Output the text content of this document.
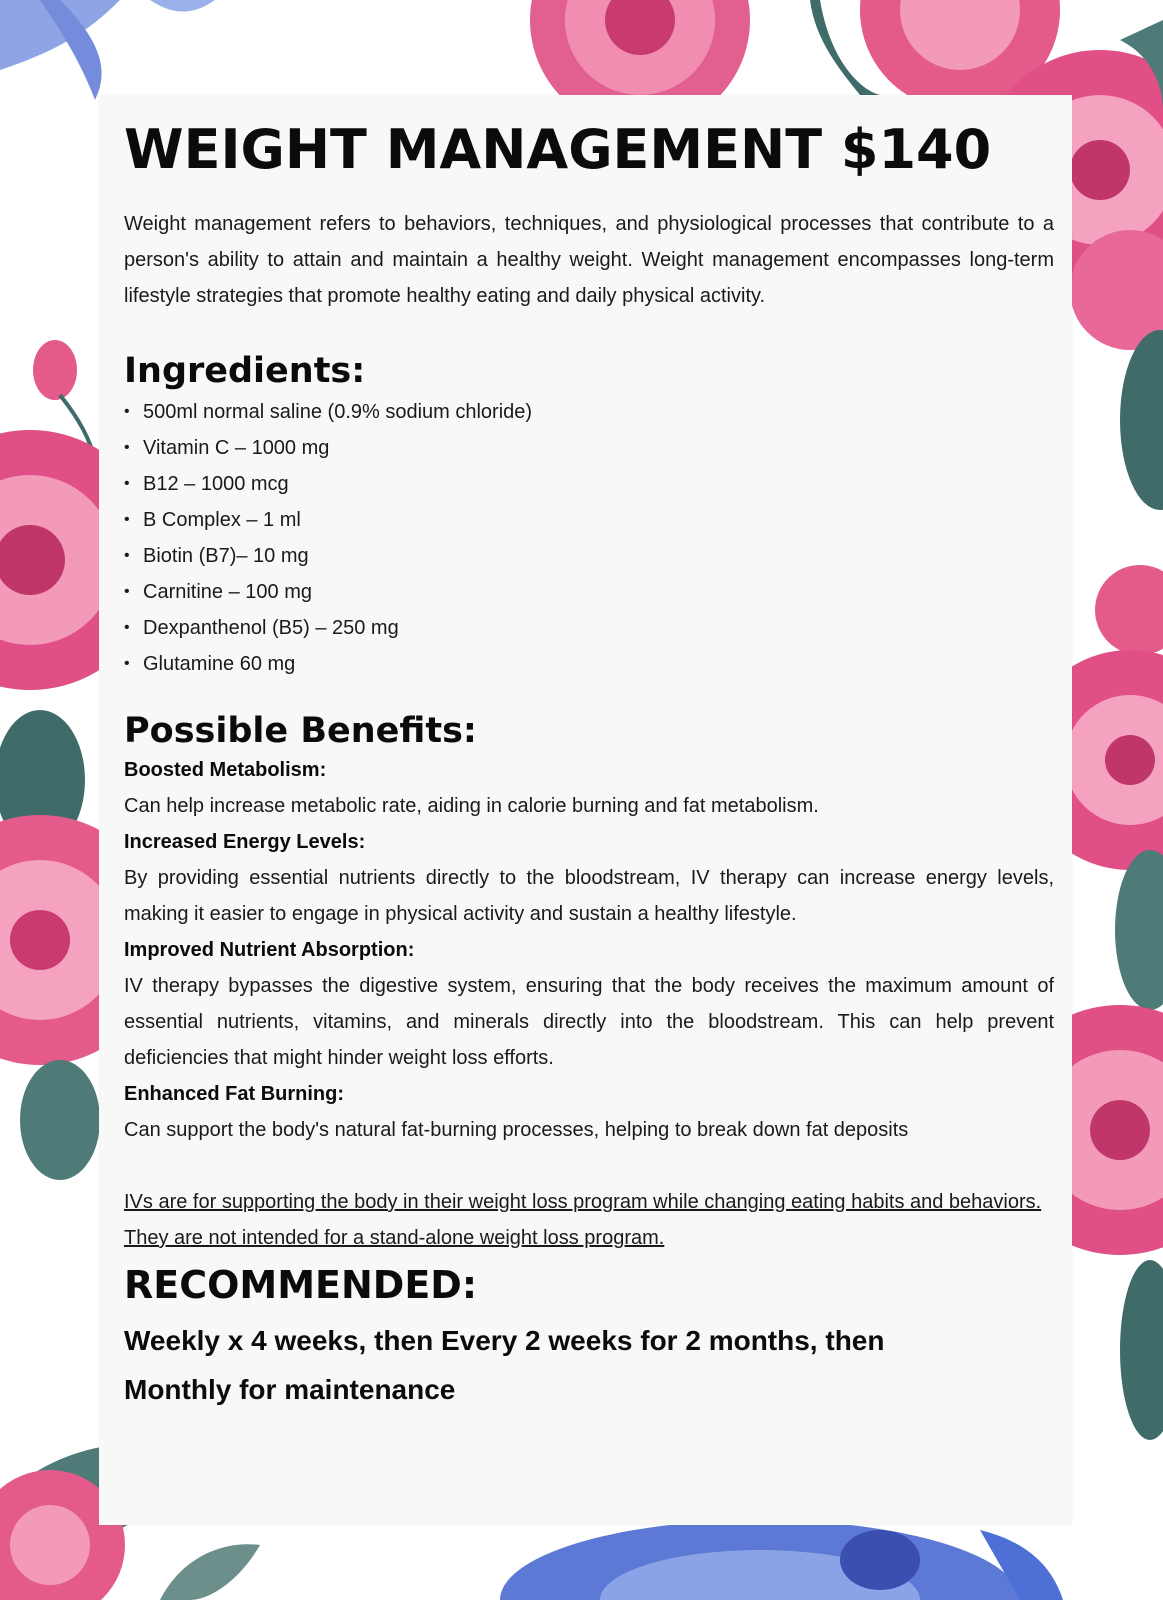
WEIGHT MANAGEMENT $140

Weight management refers to behaviors, techniques, and physiological processes that contribute to a person's ability to attain and maintain a healthy weight. Weight management encompasses long-term lifestyle strategies that promote healthy eating and daily physical activity.

Ingredients:
• 500ml normal saline (0.9% sodium chloride)
• Vitamin C – 1000 mg
• B12 – 1000 mcg
• B Complex – 1 ml
• Biotin (B7)– 10 mg
• Carnitine – 100 mg
• Dexpanthenol (B5) – 250 mg
• Glutamine 60 mg
Possible Benefits:

Boosted Metabolism:

Can help increase metabolic rate, aiding in calorie burning and fat metabolism.

Increased Energy Levels:

By providing essential nutrients directly to the bloodstream, IV therapy can increase energy levels, making it easier to engage in physical activity and sustain a healthy lifestyle.

Improved Nutrient Absorption:

IV therapy bypasses the digestive system, ensuring that the body receives the maximum amount of essential nutrients, vitamins, and minerals directly into the bloodstream. This can help prevent deficiencies that might hinder weight loss efforts.

Enhanced Fat Burning:

Can support the body's natural fat-burning processes, helping to break down fat deposits

IVs are for supporting the body in their weight loss program while changing eating habits and behaviors. They are not intended for a stand-alone weight loss program.

RECOMMENDED:

Weekly x 4 weeks, then Every 2 weeks for 2 months, then Monthly for maintenance
